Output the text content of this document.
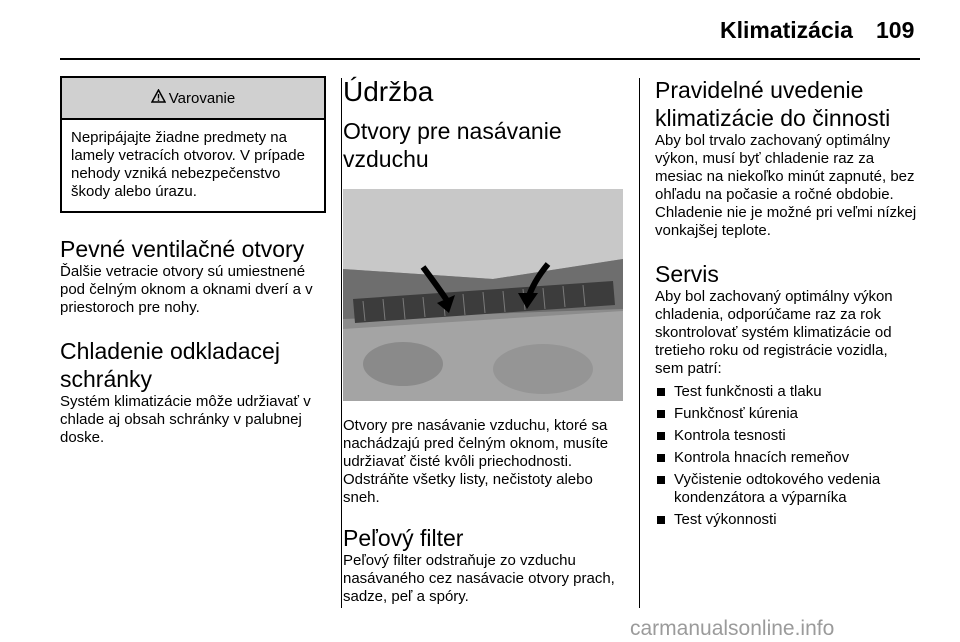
Klimatizácia 109
Varovanie
Nepripájajte žiadne predmety na lamely vetracích otvorov. V prípade nehody vzniká nebezpečenstvo škody alebo úrazu.
Pevné ventilačné otvory

Ďalšie vetracie otvory sú umiestnené pod čelným oknom a oknami dverí a v priestoroch pre nohy.

Chladenie odkladacej schránky

Systém klimatizácie môže udržiavať v chlade aj obsah schránky v palubnej doske.

Údržba
Otvory pre nasávanie vzduchu

Otvory pre nasávanie vzduchu, ktoré sa nachádzajú pred čelným oknom, musíte udržiavať čisté kvôli priechodnosti. Odstráňte všetky listy, nečistoty alebo sneh.

Peľový filter

Peľový filter odstraňuje zo vzduchu nasávaného cez nasávacie otvory prach, sadze, peľ a spóry.

Pravidelné uvedenie klimatizácie do činnosti

Aby bol trvalo zachovaný optimálny výkon, musí byť chladenie raz za mesiac na niekoľko minút zapnuté, bez ohľadu na počasie a ročné obdobie. Chladenie nie je možné pri veľmi nízkej vonkajšej teplote.

Servis

Aby bol zachovaný optimálny výkon chladenia, odporúčame raz za rok skontrolovať systém klimatizácie od tretieho roku od registrácie vozidla, sem patrí:

Test funkčnosti a tlaku
Funkčnosť kúrenia
Kontrola tesnosti
Kontrola hnacích remeňov
Vyčistenie odtokového vedenia kondenzátora a výparníka
Test výkonnosti
carmanualsonline.info
